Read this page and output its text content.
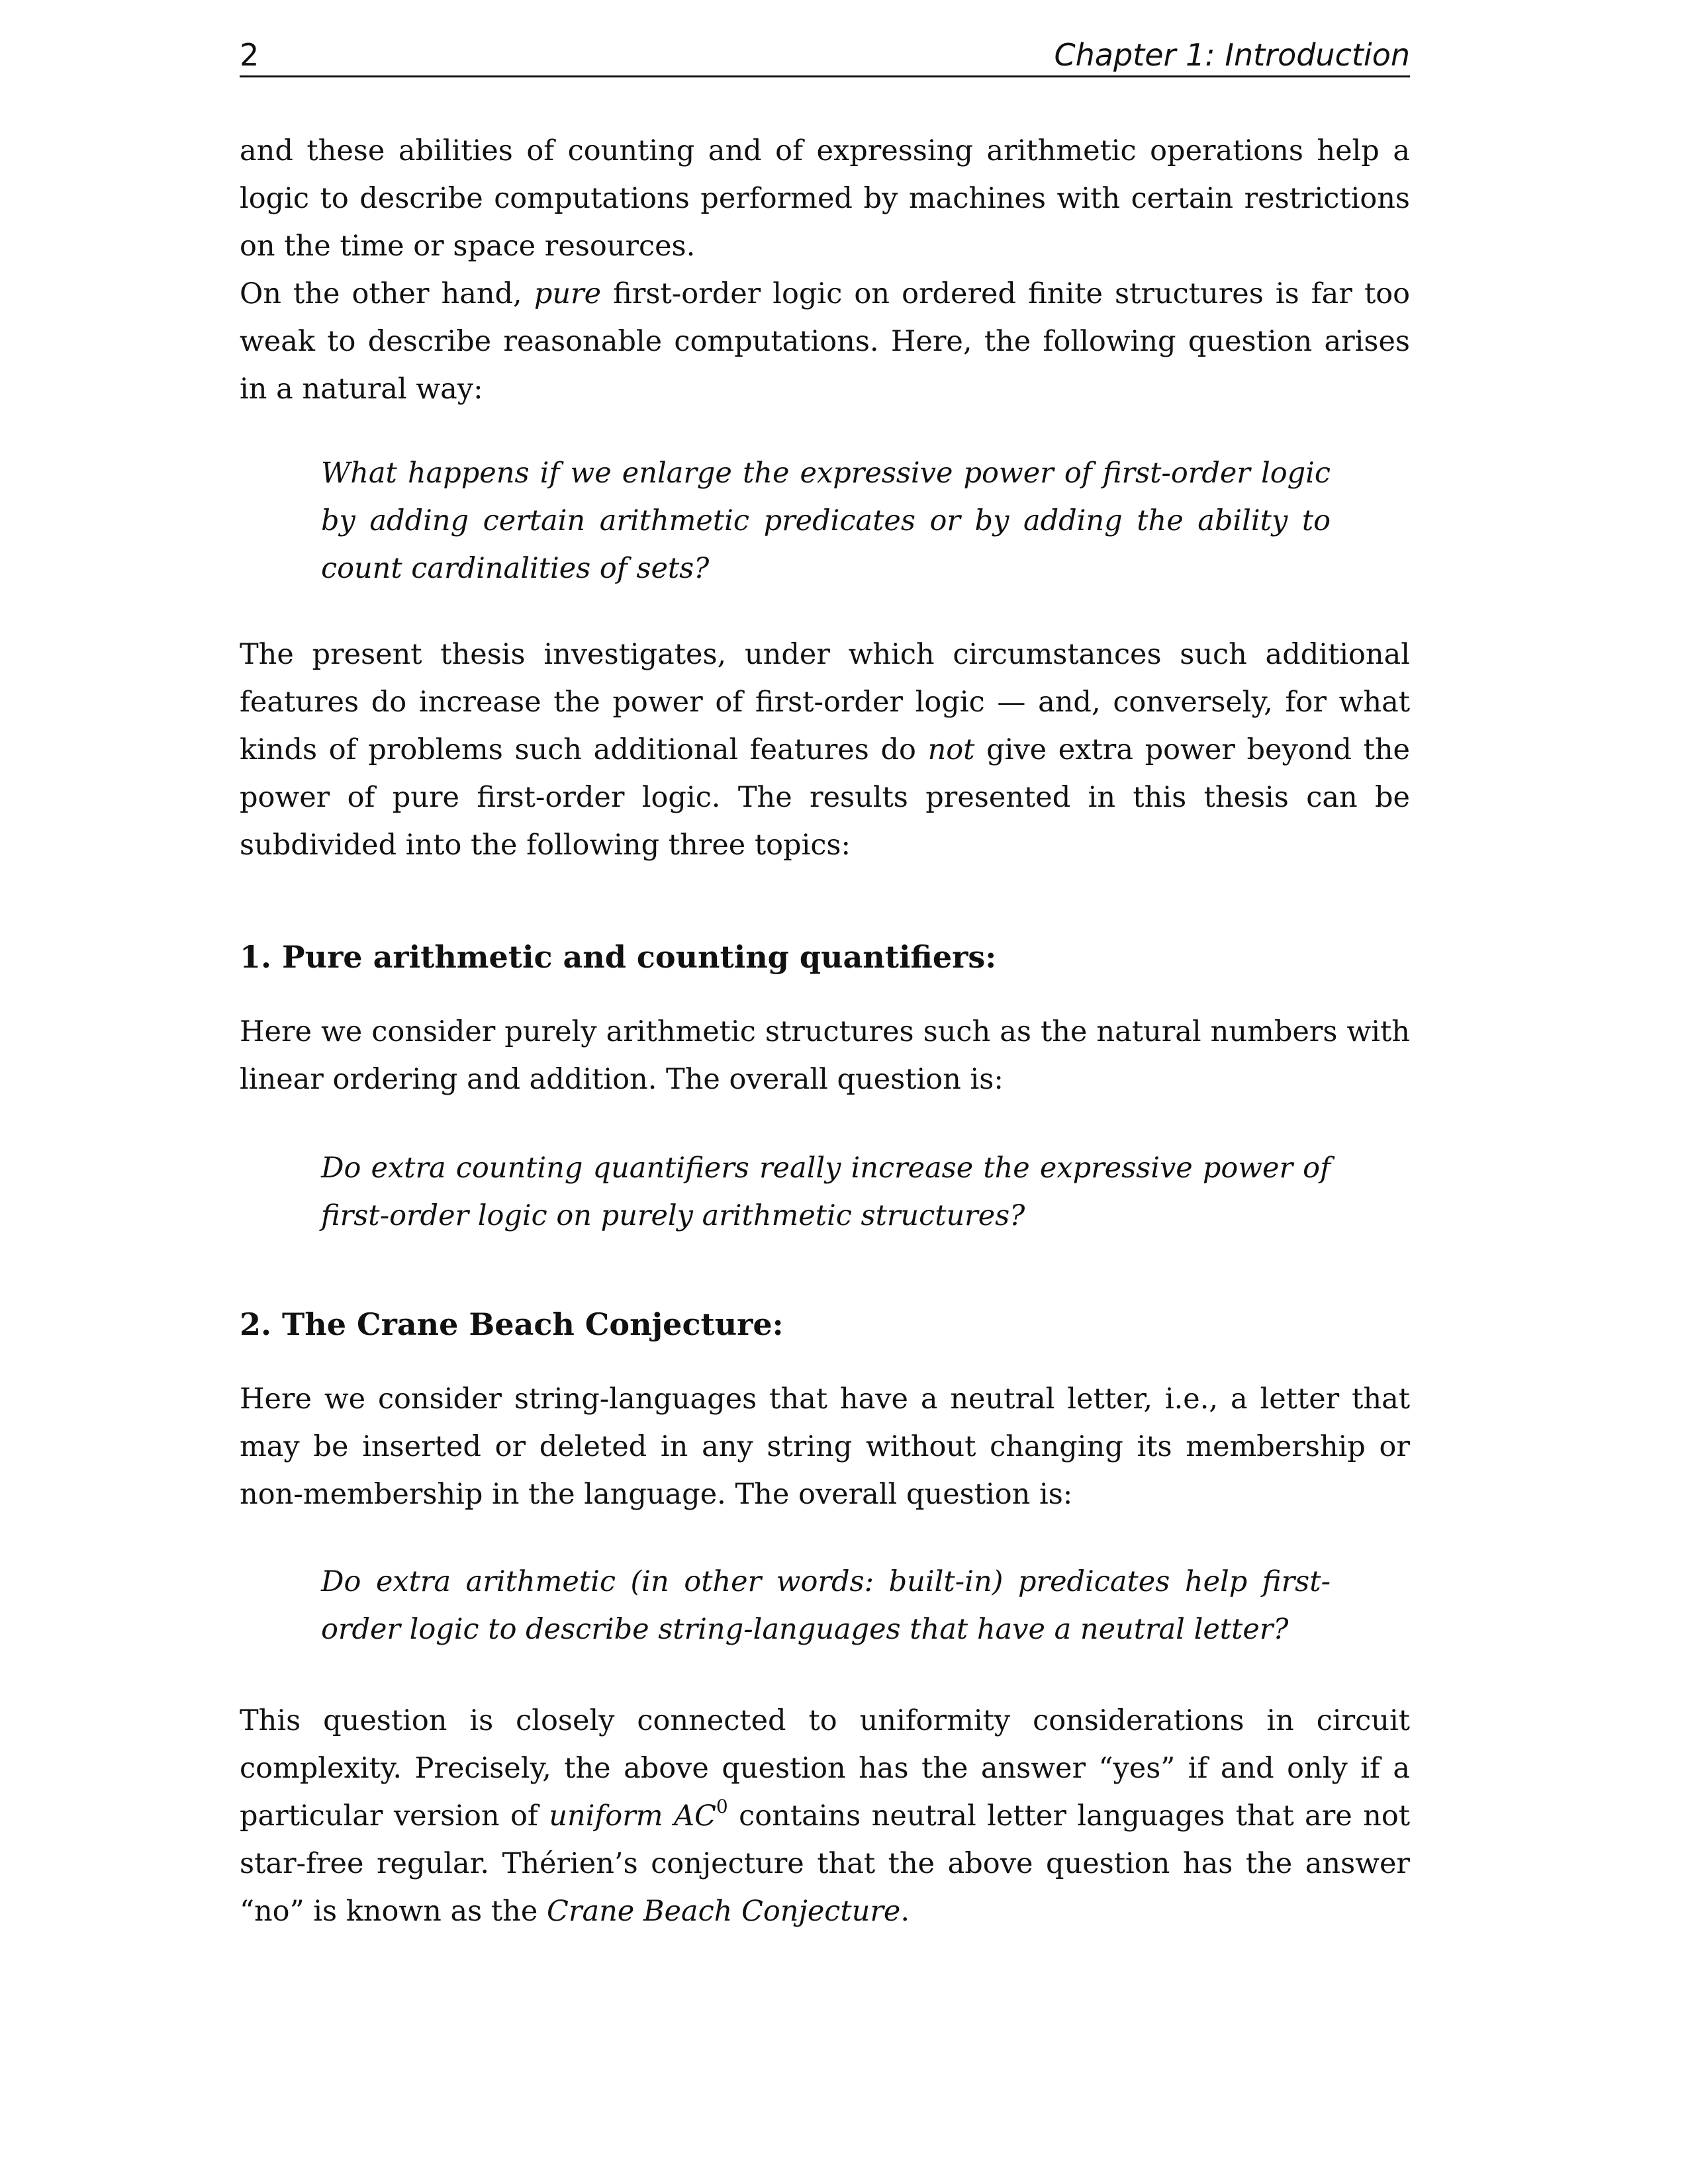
2	Chapter 1: Introduction
and these abilities of counting and of expressing arithmetic operations help a logic to describe computations performed by machines with certain restrictions on the time or space resources.
On the other hand, pure first-order logic on ordered finite structures is far too weak to describe reasonable computations. Here, the following question arises in a natural way:
What happens if we enlarge the expressive power of first-order logic by adding certain arithmetic predicates or by adding the ability to count cardinalities of sets?
The present thesis investigates, under which circumstances such additional features do increase the power of first-order logic — and, conversely, for what kinds of problems such additional features do not give extra power beyond the power of pure first-order logic. The results presented in this thesis can be subdivided into the following three topics:
1. Pure arithmetic and counting quantifiers:
Here we consider purely arithmetic structures such as the natural numbers with linear ordering and addition. The overall question is:
Do extra counting quantifiers really increase the expressive power of first-order logic on purely arithmetic structures?
2. The Crane Beach Conjecture:
Here we consider string-languages that have a neutral letter, i.e., a letter that may be inserted or deleted in any string without changing its membership or non-membership in the language. The overall question is:
Do extra arithmetic (in other words: built-in) predicates help first-order logic to describe string-languages that have a neutral letter?
This question is closely connected to uniformity considerations in circuit complexity. Precisely, the above question has the answer “yes” if and only if a particular version of uniform $AC^0$ contains neutral letter languages that are not star-free regular. Thérien’s conjecture that the above question has the answer “no” is known as the Crane Beach Conjecture.
